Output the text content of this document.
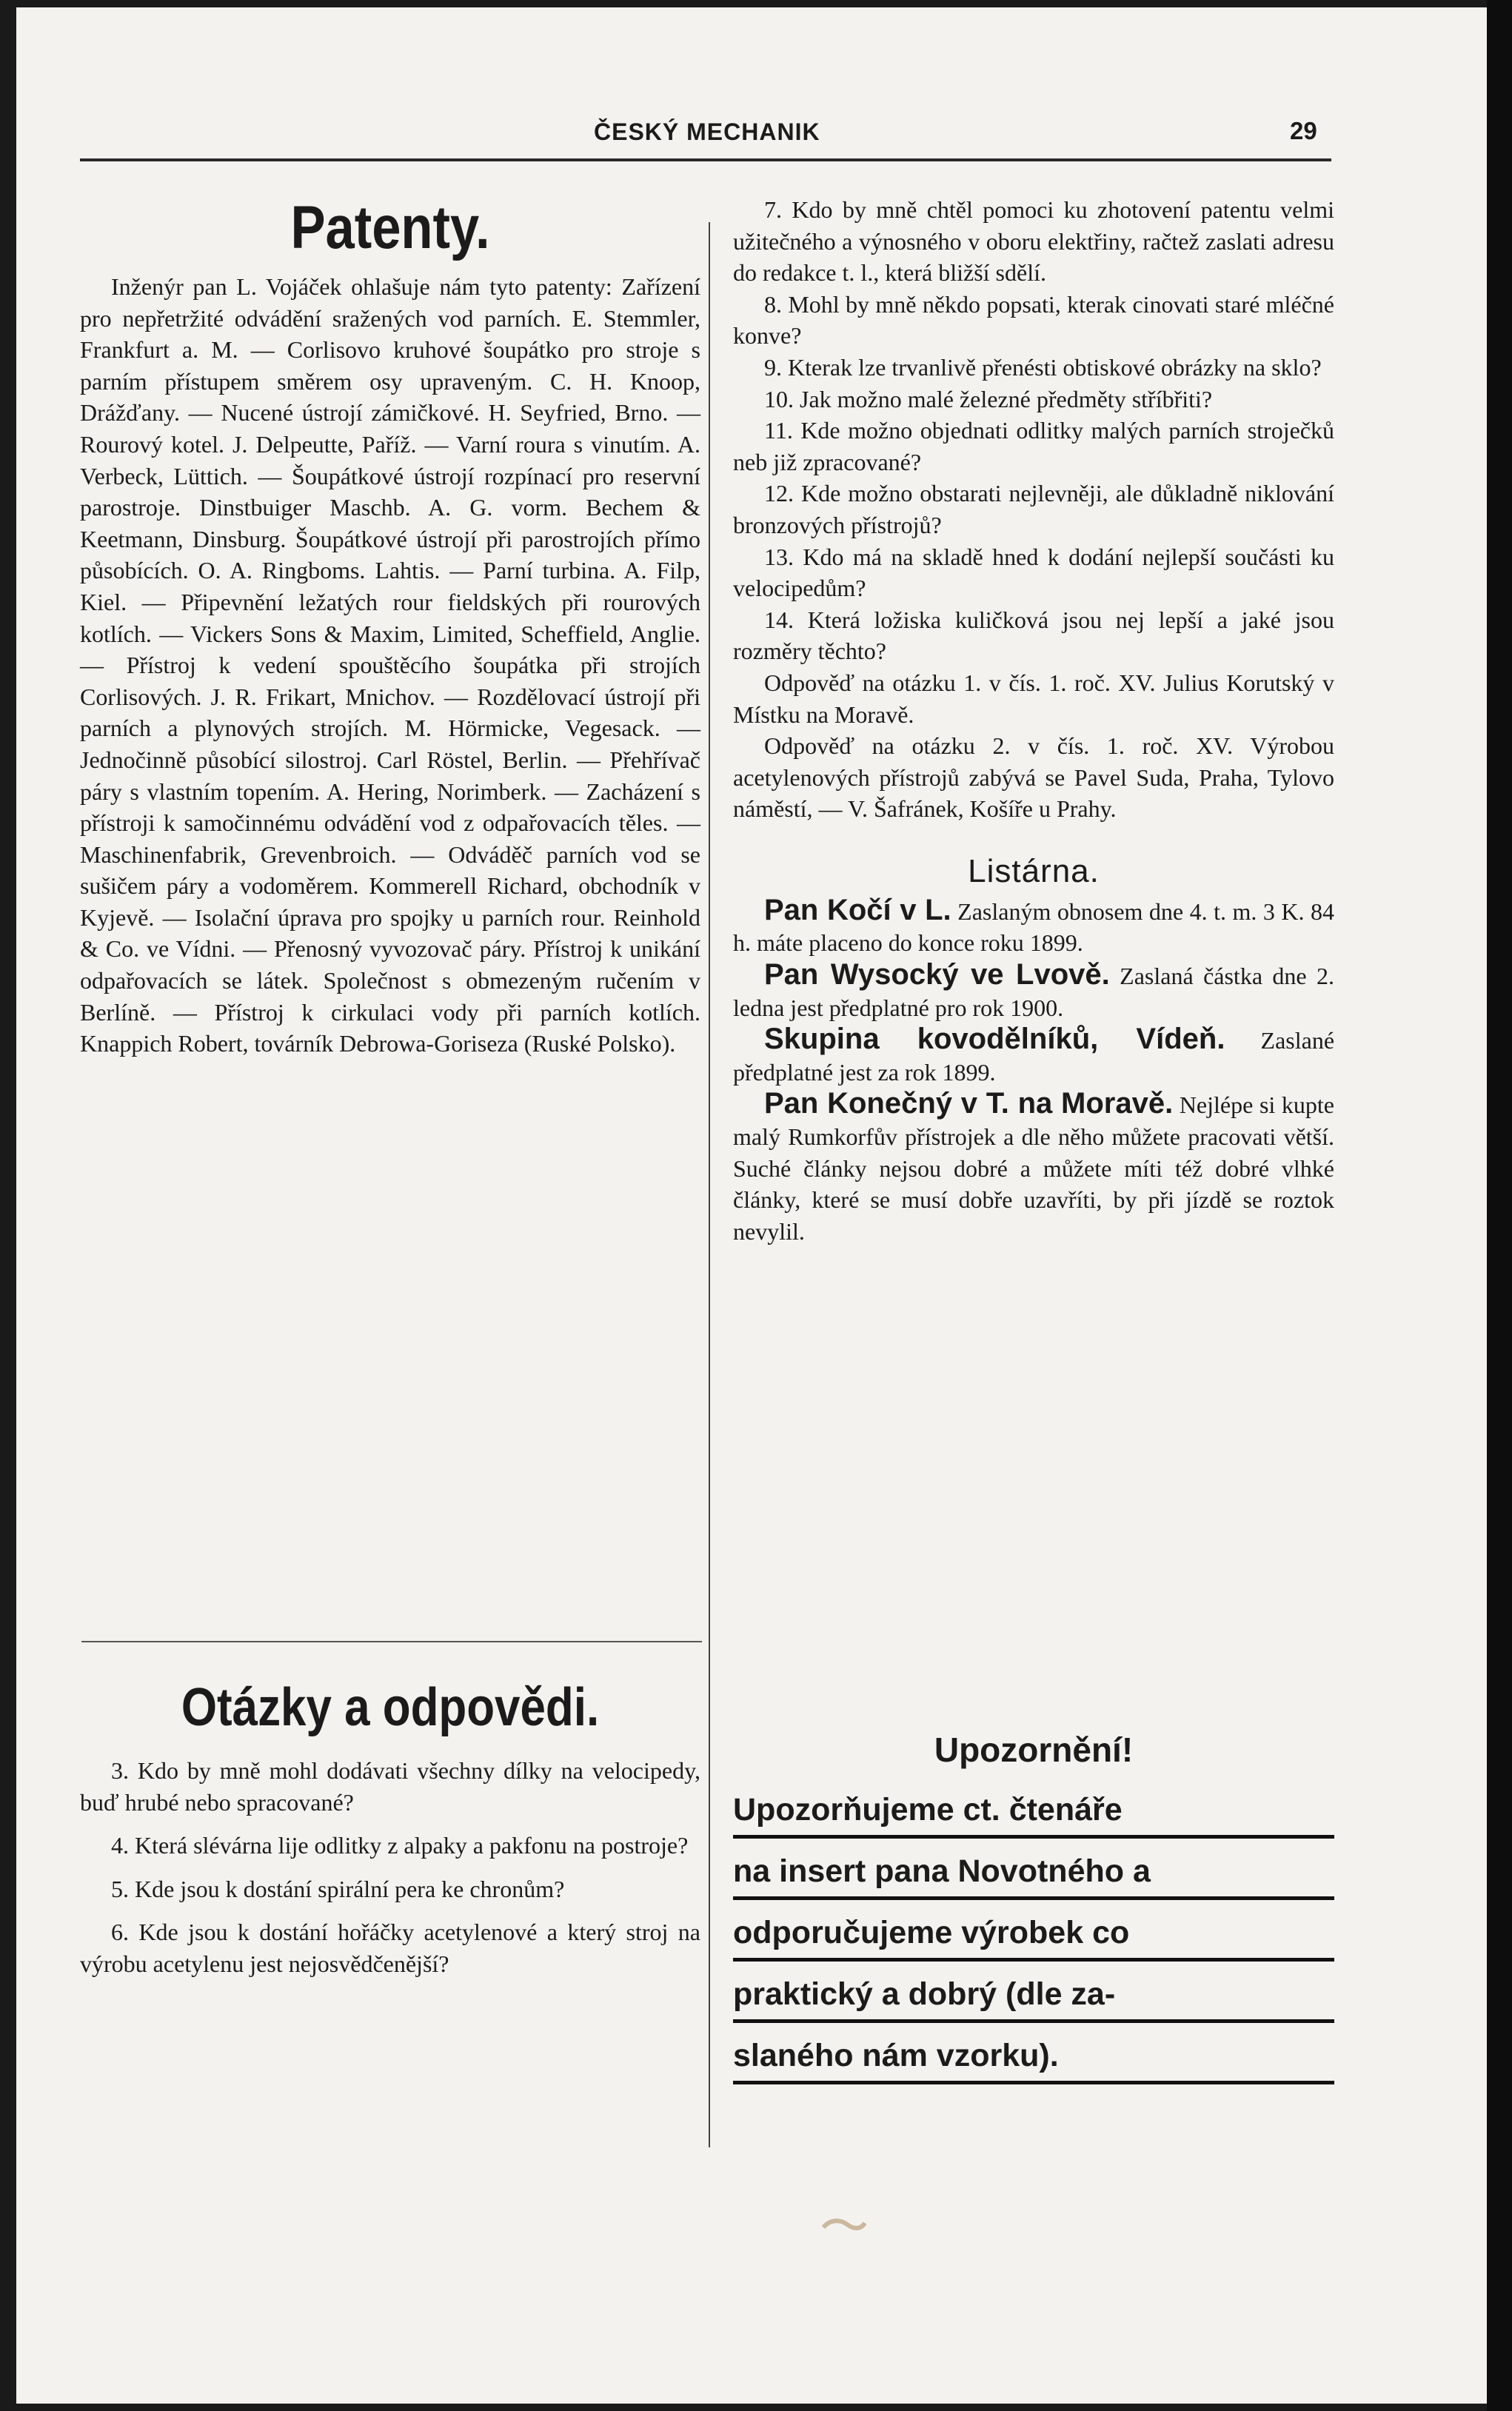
ČESKÝ MECHANIK	29
Patenty.

Inženýr pan L. Vojáček ohlašuje nám tyto patenty: Zařízení pro nepřetržité odvádění sražených vod parních. E. Stemmler, Frankfurt a. M. — Corlisovo kruhové šoupátko pro stroje s parním přístupem směrem osy upraveným. C. H. Knoop, Drážďany. — Nucené ústrojí zámičkové. H. Seyfried, Brno. — Rourový kotel. J. Delpeutte, Paříž. — Varní roura s vinutím. A. Verbeck, Lüttich. — Šoupátkové ústrojí rozpínací pro reservní parostroje. Dinstbuiger Maschb. A. G. vorm. Bechem & Keetmann, Dinsburg. Šoupátkové ústrojí při parostrojích přímo působících. O. A. Ringboms. Lahtis. — Parní turbina. A. Filp, Kiel. — Připevnění ležatých rour fieldských při rourových kotlích. — Vickers Sons & Maxim, Limited, Scheffield, Anglie. — Přístroj k vedení spouštěcího šoupátka při strojích Corlisových. J. R. Frikart, Mnichov. — Rozdělovací ústrojí při parních a plynových strojích. M. Hörmicke, Vegesack. — Jednočinně působící silostroj. Carl Röstel, Berlin. — Přehřívač páry s vlastním topením. A. Hering, Norimberk. — Zacházení s přístroji k samočinnému odvádění vod z odpařovacích těles. — Maschinenfabrik, Grevenbroich. — Odváděč parních vod se sušičem páry a vodoměrem. Kommerell Richard, obchodník v Kyjevě. — Isolační úprava pro spojky u parních rour. Reinhold & Co. ve Vídni. — Přenosný vyvozovač páry. Přístroj k unikání odpařovacích se látek. Společnost s obmezeným ručením v Berlíně. — Přístroj k cirkulaci vody při parních kotlích. Knappich Robert, továrník Debrowa-Goriseza (Ruské Polsko).

Otázky a odpovědi.

3. Kdo by mně mohl dodávati všechny dílky na velocipedy, buď hrubé nebo spracované?

4. Která slévárna lije odlitky z alpaky a pakfonu na postroje?

5. Kde jsou k dostání spirální pera ke chronům?

6. Kde jsou k dostání hořáčky acetylenové a který stroj na výrobu acetylenu jest nejosvědčenější?

7. Kdo by mně chtěl pomoci ku zhotovení patentu velmi užitečného a výnosného v oboru elektřiny, račtež zaslati adresu do redakce t. l., která bližší sdělí.

8. Mohl by mně někdo popsati, kterak cinovati staré mléčné konve?

9. Kterak lze trvanlivě přenésti obtiskové obrázky na sklo?

10. Jak možno malé železné předměty stříbřiti?

11. Kde možno objednati odlitky malých parních stroječků neb již zpracované?

12. Kde možno obstarati nejlevněji, ale důkladně niklování bronzových přístrojů?

13. Kdo má na skladě hned k dodání nejlepší součásti ku velocipedům?

14. Která ložiska kuličková jsou nej lepší a jaké jsou rozměry těchto?

Odpověď na otázku 1. v čís. 1. roč. XV. Julius Korutský v Místku na Moravě.

Odpověď na otázku 2. v čís. 1. roč. XV. Výrobou acetylenových přístrojů zabývá se Pavel Suda, Praha, Tylovo náměstí, — V. Šafránek, Košíře u Prahy.

Listárna.

Pan Kočí v L. Zaslaným obnosem dne 4. t. m. 3 K. 84 h. máte placeno do konce roku 1899.

Pan Wysocký ve Lvově. Zaslaná částka dne 2. ledna jest předplatné pro rok 1900.

Skupina kovodělníků, Vídeň. Zaslané předplatné jest za rok 1899.

Pan Konečný v T. na Moravě. Nejlépe si kupte malý Rumkorfův přístrojek a dle něho můžete pracovati větší. Suché články nejsou dobré a můžete míti též dobré vlhké články, které se musí dobře uzavříti, by při jízdě se roztok nevylil.

Upozornění!
Upozorňujeme ct. čtenáře
na insert pana Novotného a
odporučujeme výrobek co
praktický a dobrý (dle za-
slaného nám vzorku).
